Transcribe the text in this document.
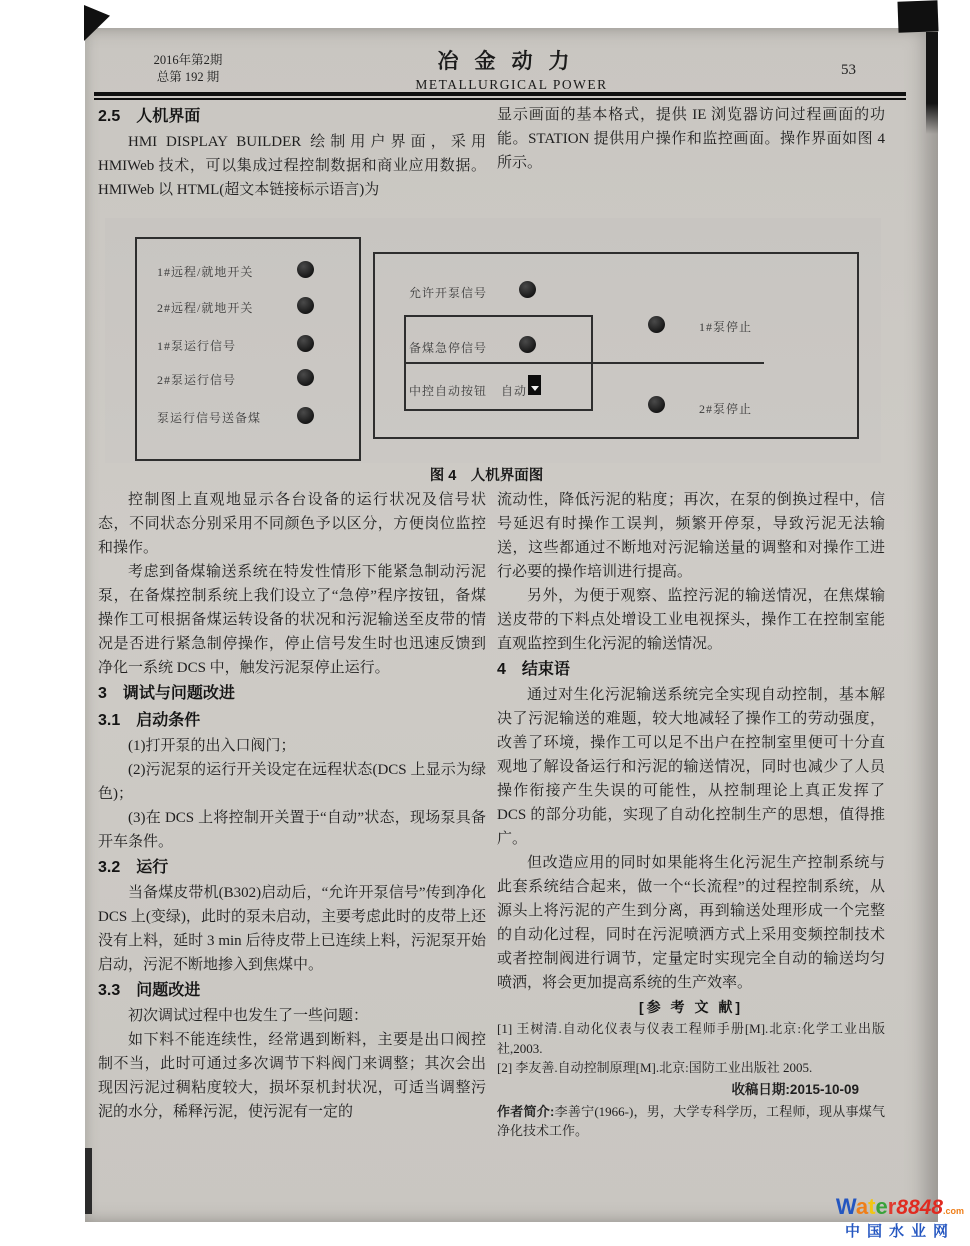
2016年第2期
总第 192 期
冶金动力
METALLURGICAL POWER
53

2.5　人机界面

HMI DISPLAY BUILDER 绘制用户界面，采用 HMIWeb 技术，可以集成过程控制数据和商业应用数据。HMIWeb 以 HTML(超文本链接标示语言)为

显示画面的基本格式，提供 IE 浏览器访问过程画面的功能。STATION 提供用户操作和监控画面。操作界面如图 4 所示。

1#远程/就地开关
2#远程/就地开关
1#泵运行信号
2#泵运行信号
泵运行信号送备煤
允许开泵信号
备煤急停信号
中控自动按钮 自动
1#泵停止
2#泵停止
图 4　人机界面图

控制图上直观地显示各台设备的运行状况及信号状态，不同状态分别采用不同颜色予以区分，方便岗位监控和操作。

考虑到备煤输送系统在特发性情形下能紧急制动污泥泵，在备煤控制系统上我们设立了“急停”程序按钮，备煤操作工可根据备煤运转设备的状况和污泥输送至皮带的情况是否进行紧急制停操作，停止信号发生时也迅速反馈到净化一系统 DCS 中，触发污泥泵停止运行。

3　调试与问题改进

3.1　启动条件

(1)打开泵的出入口阀门；

(2)污泥泵的运行开关设定在远程状态(DCS 上显示为绿色)；

(3)在 DCS 上将控制开关置于“自动”状态，现场泵具备开车条件。

3.2　运行

当备煤皮带机(B302)启动后，“允许开泵信号”传到净化 DCS 上(变绿)，此时的泵未启动，主要考虑此时的皮带上还没有上料，延时 3 min 后待皮带上已连续上料，污泥泵开始启动，污泥不断地掺入到焦煤中。

3.3　问题改进

初次调试过程中也发生了一些问题：

如下料不能连续性，经常遇到断料，主要是出口阀控制不当，此时可通过多次调节下料阀门来调整；其次会出现因污泥过稠粘度较大，损坏泵机封状况，可适当调整污泥的水分，稀释污泥，使污泥有一定的

流动性，降低污泥的粘度；再次，在泵的倒换过程中，信号延迟有时操作工误判，频繁开停泵，导致污泥无法输送，这些都通过不断地对污泥输送量的调整和对操作工进行必要的操作培训进行提高。

另外，为便于观察、监控污泥的输送情况，在焦煤输送皮带的下料点处增设工业电视探头，操作工在控制室能直观监控到生化污泥的输送情况。

4　结束语

通过对生化污泥输送系统完全实现自动控制，基本解决了污泥输送的难题，较大地减轻了操作工的劳动强度，改善了环境，操作工可以足不出户在控制室里便可十分直观地了解设备运行和污泥的输送情况，同时也减少了人员操作衔接产生失误的可能性，从控制理论上真正发挥了 DCS 的部分功能，实现了自动化控制生产的思想，值得推广。

但改造应用的同时如果能将生化污泥生产控制系统与此套系统结合起来，做一个“长流程”的过程控制系统，从源头上将污泥的产生到分离，再到输送处理形成一个完整的自动化过程，同时在污泥喷洒方式上采用变频控制技术或者控制阀进行调节，定量定时实现完全自动的输送均匀喷洒，将会更加提高系统的生产效率。

[参 考 文 献]

[1] 王树清.自动化仪表与仪表工程师手册[M].北京:化学工业出版社,2003.

[2] 李友善.自动控制原理[M].北京:国防工业出版社 2005.

收稿日期:2015-10-09

作者简介:李善宁(1966-)，男，大学专科学历，工程师，现从事煤气净化技术工作。

Water8848.com
中国水业网
